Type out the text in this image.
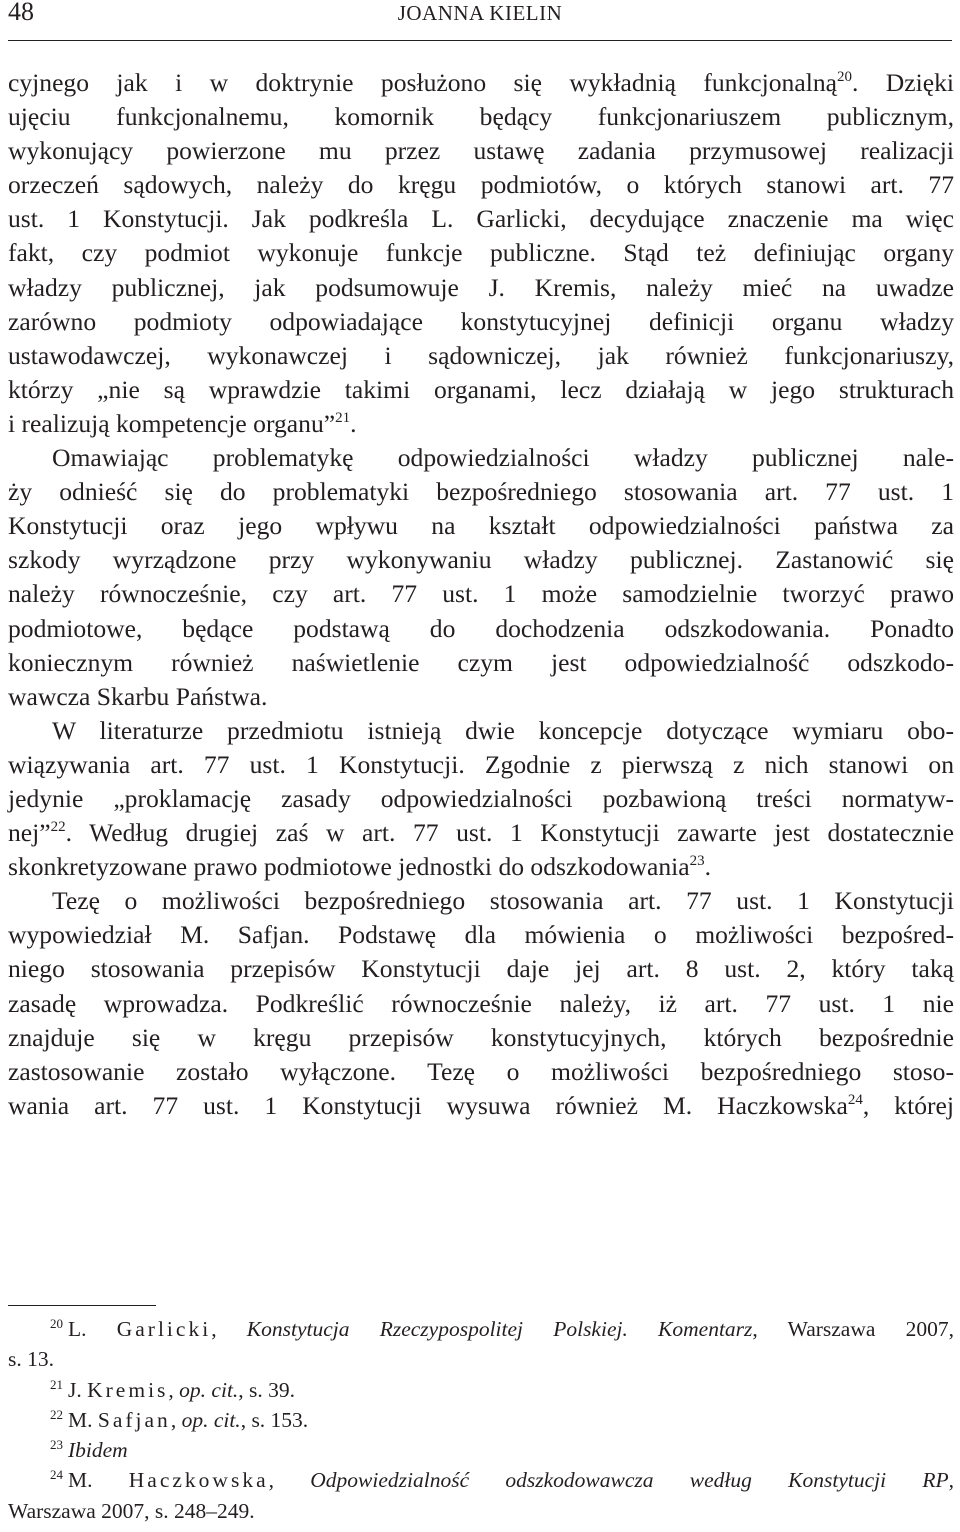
48	JOANNA KIELIN
cyjnego jak i w doktrynie posłużono się wykładnią funkcjonalną$^{20}$. Dzięki
ujęciu funkcjonalnemu, komornik będący funkcjonariuszem publicznym,
wykonujący powierzone mu przez ustawę zadania przymusowej realizacji
orzeczeń sądowych, należy do kręgu podmiotów, o których stanowi art. 77
ust. 1 Konstytucji. Jak podkreśla L. Garlicki, decydujące znaczenie ma więc
fakt, czy podmiot wykonuje funkcje publiczne. Stąd też definiując organy
władzy publicznej, jak podsumowuje J. Kremis, należy mieć na uwadze
zarówno podmioty odpowiadające konstytucyjnej definicji organu władzy
ustawodawczej, wykonawczej i sądowniczej, jak również funkcjonariuszy,
którzy „nie są wprawdzie takimi organami, lecz działają w jego strukturach
i realizują kompetencje organu”$^{21}$.
Omawiając problematykę odpowiedzialności władzy publicznej nale-
ży odnieść się do problematyki bezpośredniego stosowania art. 77 ust. 1
Konstytucji oraz jego wpływu na kształt odpowiedzialności państwa za
szkody wyrządzone przy wykonywaniu władzy publicznej. Zastanowić się
należy równocześnie, czy art. 77 ust. 1 może samodzielnie tworzyć prawo
podmiotowe, będące podstawą do dochodzenia odszkodowania. Ponadto
koniecznym również naświetlenie czym jest odpowiedzialność odszkodo-
wawcza Skarbu Państwa.
W literaturze przedmiotu istnieją dwie koncepcje dotyczące wymiaru obo-
wiązywania art. 77 ust. 1 Konstytucji. Zgodnie z pierwszą z nich stanowi on
jedynie „proklamację zasady odpowiedzialności pozbawioną treści normatyw-
nej”$^{22}$. Według drugiej zaś w art. 77 ust. 1 Konstytucji zawarte jest dostatecznie
skonkretyzowane prawo podmiotowe jednostki do odszkodowania$^{23}$.
Tezę o możliwości bezpośredniego stosowania art. 77 ust. 1 Konstytucji
wypowiedział M. Safjan. Podstawę dla mówienia o możliwości bezpośred-
niego stosowania przepisów Konstytucji daje jej art. 8 ust. 2, który taką
zasadę wprowadza. Podkreślić równocześnie należy, iż art. 77 ust. 1 nie
znajduje się w kręgu przepisów konstytucyjnych, których bezpośrednie
zastosowanie zostało wyłączone. Tezę o możliwości bezpośredniego stoso-
wania art. 77 ust. 1 Konstytucji wysuwa również M. Haczkowska$^{24}$, której
$^{20}$ L. Garlicki, Konstytucja Rzeczypospolitej Polskiej. Komentarz, Warszawa 2007,
s. 13.
$^{21}$ J. Kremis, op. cit., s. 39.
$^{22}$ M. Safjan, op. cit., s. 153.
$^{23}$ Ibidem
$^{24}$ M. Haczkowska, Odpowiedzialność odszkodowawcza według Konstytucji RP,
Warszawa 2007, s. 248–249.
